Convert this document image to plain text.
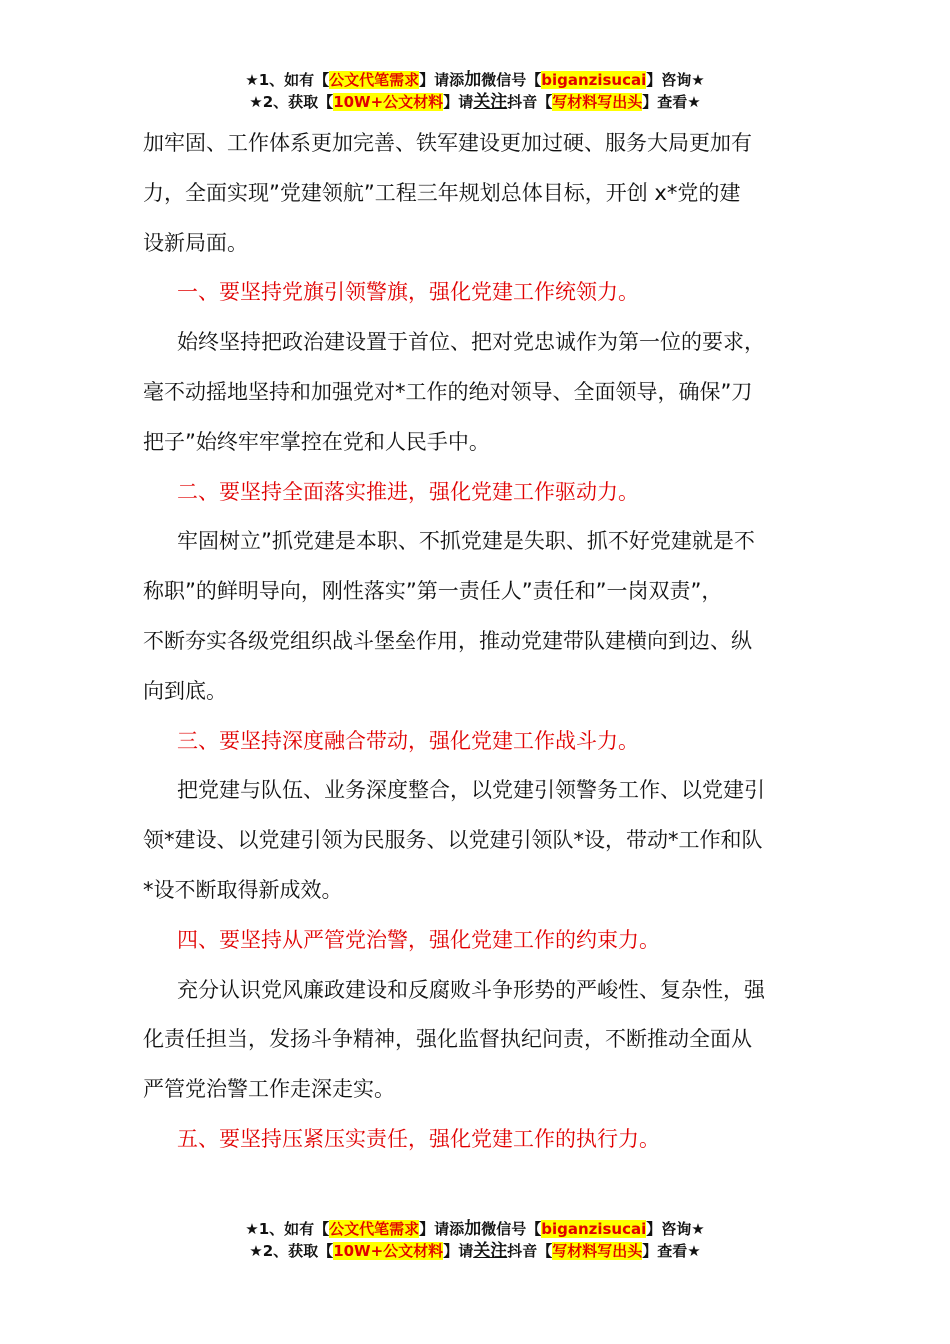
★1、如有【公文代笔需求】请添加微信号【biganzisucai】咨询★
★2、获取【10W+公文材料】请关注抖音【写材料写出头】查看★

加牢固、工作体系更加完善、铁军建设更加过硬、服务大局更加有

力，全面实现”党建领航”工程三年规划总体目标，开创 x*党的建

设新局面。

一、要坚持党旗引领警旗，强化党建工作统领力。

始终坚持把政治建设置于首位、把对党忠诚作为第一位的要求，

毫不动摇地坚持和加强党对*工作的绝对领导、全面领导，确保”刀

把子”始终牢牢掌控在党和人民手中。

二、要坚持全面落实推进，强化党建工作驱动力。

牢固树立”抓党建是本职、不抓党建是失职、抓不好党建就是不

称职”的鲜明导向，刚性落实”第一责任人”责任和”一岗双责”，

不断夯实各级党组织战斗堡垒作用，推动党建带队建横向到边、纵

向到底。

三、要坚持深度融合带动，强化党建工作战斗力。

把党建与队伍、业务深度整合，以党建引领警务工作、以党建引

领*建设、以党建引领为民服务、以党建引领队*设，带动*工作和队

*设不断取得新成效。

四、要坚持从严管党治警，强化党建工作的约束力。

充分认识党风廉政建设和反腐败斗争形势的严峻性、复杂性，强

化责任担当，发扬斗争精神，强化监督执纪问责，不断推动全面从

严管党治警工作走深走实。

五、要坚持压紧压实责任，强化党建工作的执行力。

★1、如有【公文代笔需求】请添加微信号【biganzisucai】咨询★
★2、获取【10W+公文材料】请关注抖音【写材料写出头】查看★
